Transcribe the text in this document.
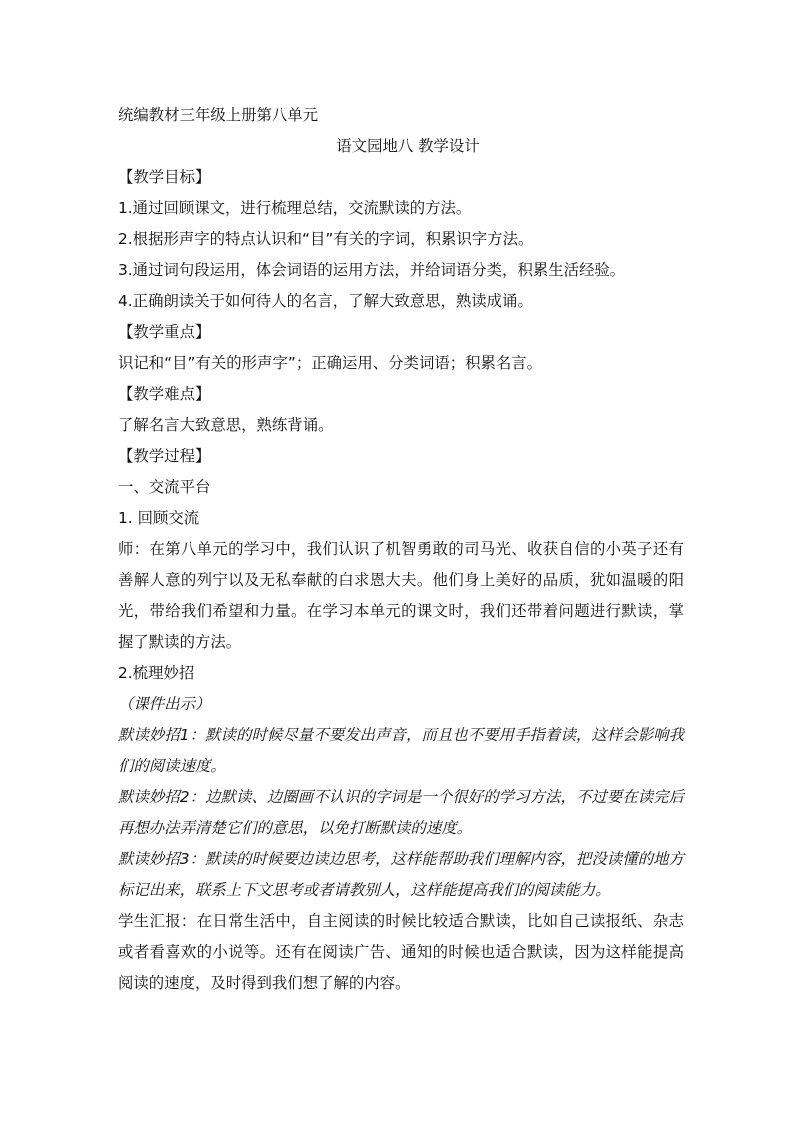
统编教材三年级上册第八单元
语文园地八 教学设计
【教学目标】
1.通过回顾课文，进行梳理总结，交流默读的方法。
2.根据形声字的特点认识和“目”有关的字词，积累识字方法。
3.通过词句段运用，体会词语的运用方法，并给词语分类，积累生活经验。
4.正确朗读关于如何待人的名言，了解大致意思，熟读成诵。
【教学重点】
识记和“目”有关的形声字”；正确运用、分类词语；积累名言。
【教学难点】
了解名言大致意思，熟练背诵。
【教学过程】
一、交流平台
1. 回顾交流
师：在第八单元的学习中，我们认识了机智勇敢的司马光、收获自信的小英子还有善解人意的列宁以及无私奉献的白求恩大夫。他们身上美好的品质，犹如温暖的阳光，带给我们希望和力量。在学习本单元的课文时，我们还带着问题进行默读，掌握了默读的方法。
2.梳理妙招
（课件出示）
默读妙招1：默读的时候尽量不要发出声音，而且也不要用手指着读，这样会影响我们的阅读速度。
默读妙招2：边默读、边圈画不认识的字词是一个很好的学习方法，不过要在读完后再想办法弄清楚它们的意思，以免打断默读的速度。
默读妙招3：默读的时候要边读边思考，这样能帮助我们理解内容，把没读懂的地方标记出来，联系上下文思考或者请教别人，这样能提高我们的阅读能力。
学生汇报：在日常生活中，自主阅读的时候比较适合默读，比如自己读报纸、杂志或者看喜欢的小说等。还有在阅读广告、通知的时候也适合默读，因为这样能提高阅读的速度，及时得到我们想了解的内容。
